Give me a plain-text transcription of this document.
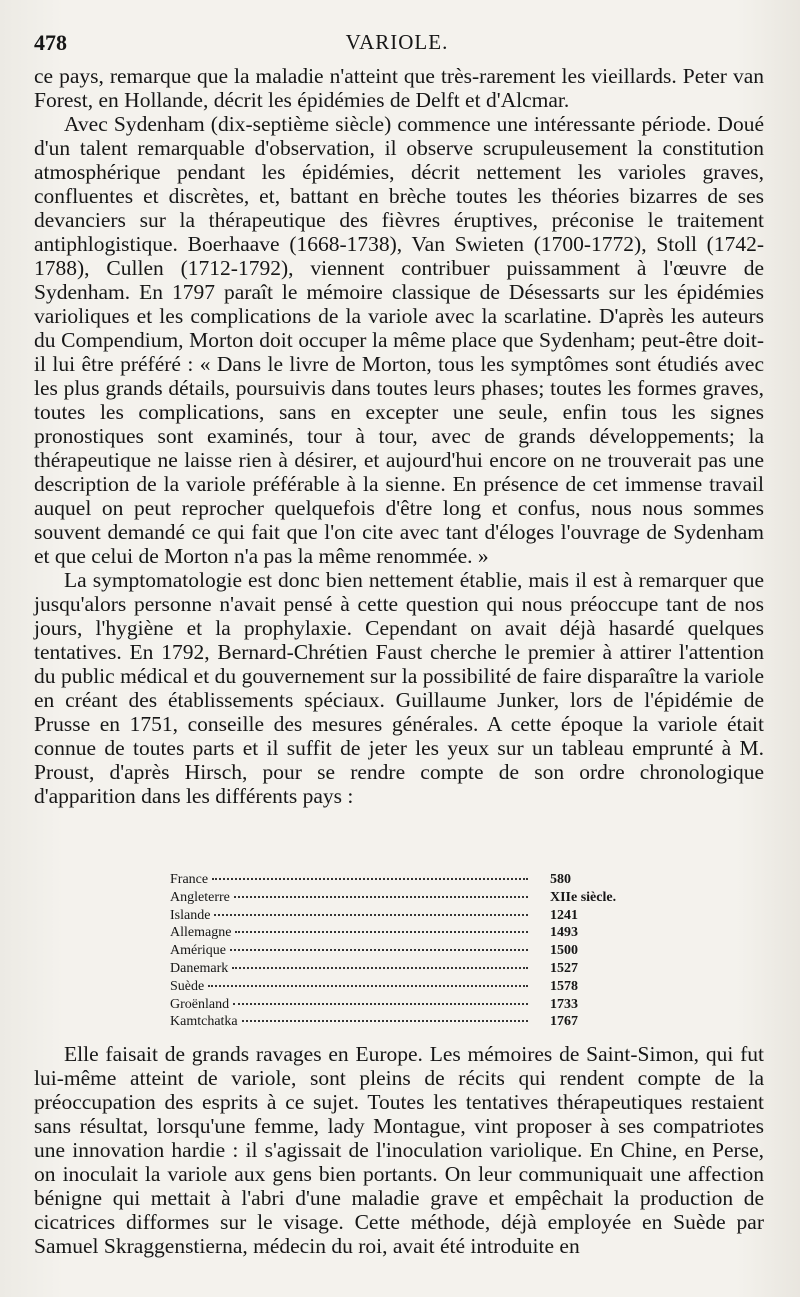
478	VARIOLE.

ce pays, remarque que la maladie n'atteint que très-rarement les vieillards. Peter van Forest, en Hollande, décrit les épidémies de Delft et d'Alcmar.

Avec Sydenham (dix-septième siècle) commence une intéressante période. Doué d'un talent remarquable d'observation, il observe scrupuleusement la constitution atmosphérique pendant les épidémies, décrit nettement les varioles graves, confluentes et discrètes, et, battant en brèche toutes les théories bizarres de ses devanciers sur la thérapeutique des fièvres éruptives, préconise le traitement antiphlogistique. Boerhaave (1668-1738), Van Swieten (1700-1772), Stoll (1742-1788), Cullen (1712-1792), viennent contribuer puissamment à l'œuvre de Sydenham. En 1797 paraît le mémoire classique de Désessarts sur les épidémies varioliques et les complications de la variole avec la scarlatine. D'après les auteurs du Compendium, Morton doit occuper la même place que Sydenham; peut-être doit-il lui être préféré : « Dans le livre de Morton, tous les symptômes sont étudiés avec les plus grands détails, poursuivis dans toutes leurs phases; toutes les formes graves, toutes les complications, sans en excepter une seule, enfin tous les signes pronostiques sont examinés, tour à tour, avec de grands développements; la thérapeutique ne laisse rien à désirer, et aujourd'hui encore on ne trouverait pas une description de la variole préférable à la sienne. En présence de cet immense travail auquel on peut reprocher quelquefois d'être long et confus, nous nous sommes souvent demandé ce qui fait que l'on cite avec tant d'éloges l'ouvrage de Sydenham et que celui de Morton n'a pas la même renommée. »

La symptomatologie est donc bien nettement établie, mais il est à remarquer que jusqu'alors personne n'avait pensé à cette question qui nous préoccupe tant de nos jours, l'hygiène et la prophylaxie. Cependant on avait déjà hasardé quelques tentatives. En 1792, Bernard-Chrétien Faust cherche le premier à attirer l'attention du public médical et du gouvernement sur la possibilité de faire disparaître la variole en créant des établissements spéciaux. Guillaume Junker, lors de l'épidémie de Prusse en 1751, conseille des mesures générales. A cette époque la variole était connue de toutes parts et il suffit de jeter les yeux sur un tableau emprunté à M. Proust, d'après Hirsch, pour se rendre compte de son ordre chronologique d'apparition dans les différents pays :

France	580
Angleterre	XIIe siècle.
Islande	1241
Allemagne	1493
Amérique	1500
Danemark	1527
Suède	1578
Groënland	1733
Kamtchatka	1767

Elle faisait de grands ravages en Europe. Les mémoires de Saint-Simon, qui fut lui-même atteint de variole, sont pleins de récits qui rendent compte de la préoccupation des esprits à ce sujet. Toutes les tentatives thérapeutiques restaient sans résultat, lorsqu'une femme, lady Montague, vint proposer à ses compatriotes une innovation hardie : il s'agissait de l'inoculation variolique. En Chine, en Perse, on inoculait la variole aux gens bien portants. On leur communiquait une affection bénigne qui mettait à l'abri d'une maladie grave et empêchait la production de cicatrices difformes sur le visage. Cette méthode, déjà employée en Suède par Samuel Skraggenstierna, médecin du roi, avait été introduite en
